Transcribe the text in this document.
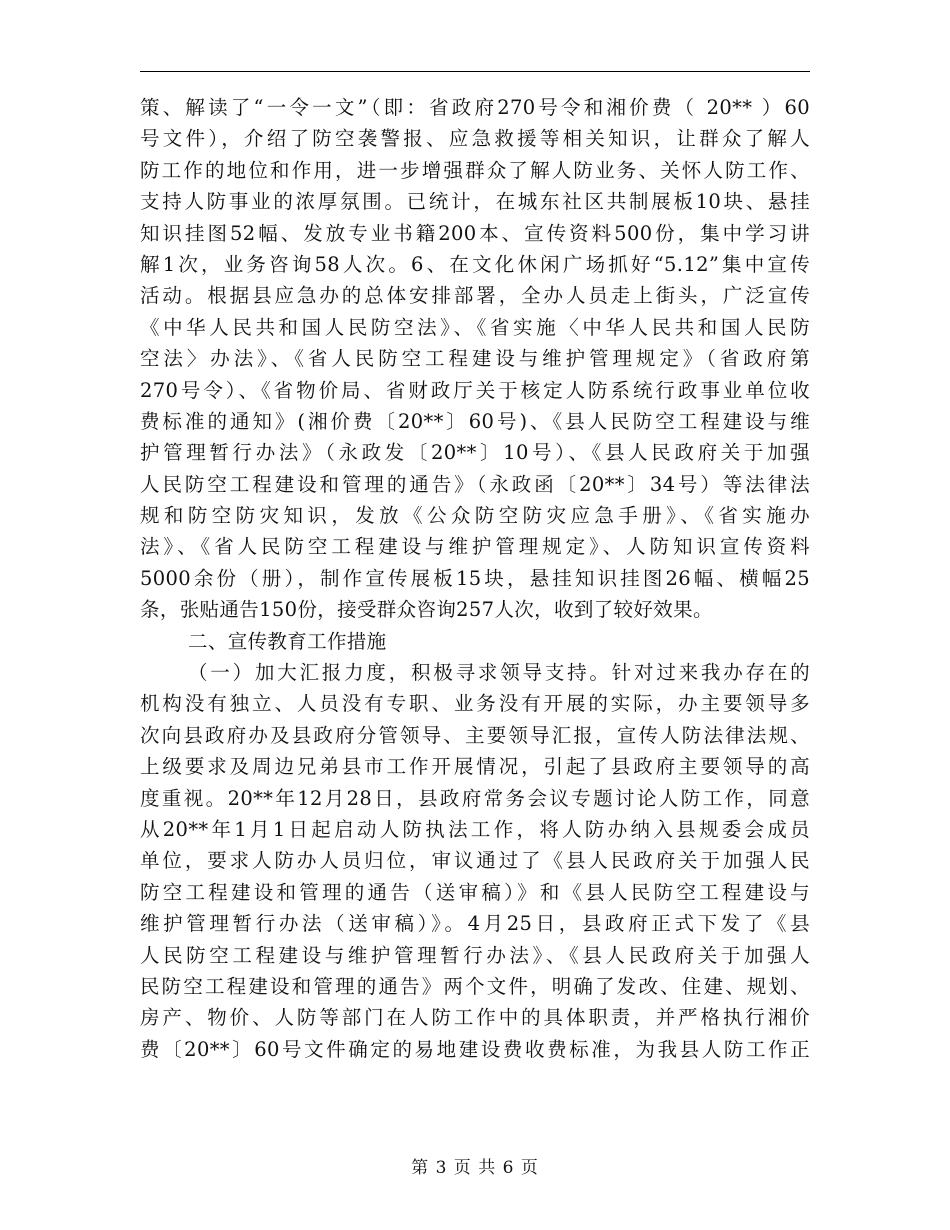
策、解读了“一令一文”（即：省政府270号令和湘价费（ 20** ）60
号文件），介绍了防空袭警报、应急救援等相关知识，让群众了解人
防工作的地位和作用，进一步增强群众了解人防业务、关怀人防工作、
支持人防事业的浓厚氛围。已统计，在城东社区共制展板10块、悬挂
知识挂图52幅、发放专业书籍200本、宣传资料500份，集中学习讲
解1次，业务咨询58人次。6、在文化休闲广场抓好“5.12”集中宣传
活动。根据县应急办的总体安排部署，全办人员走上街头，广泛宣传
《中华人民共和国人民防空法》、《省实施〈中华人民共和国人民防
空法〉办法》、《省人民防空工程建设与维护管理规定》（省政府第
270号令）、《省物价局、省财政厅关于核定人防系统行政事业单位收
费标准的通知》(湘价费〔20**〕60号)、《县人民防空工程建设与维
护管理暂行办法》（永政发〔20**〕10号）、《县人民政府关于加强
人民防空工程建设和管理的通告》（永政函〔20**〕34号）等法律法
规和防空防灾知识，发放《公众防空防灾应急手册》、《省实施办
法》、《省人民防空工程建设与维护管理规定》、人防知识宣传资料
5000余份（册），制作宣传展板15块，悬挂知识挂图26幅、横幅25
条，张贴通告150份，接受群众咨询257人次，收到了较好效果。
二、宣传教育工作措施
（一）加大汇报力度，积极寻求领导支持。针对过来我办存在的
机构没有独立、人员没有专职、业务没有开展的实际，办主要领导多
次向县政府办及县政府分管领导、主要领导汇报，宣传人防法律法规、
上级要求及周边兄弟县市工作开展情况，引起了县政府主要领导的高
度重视。20**年12月28日，县政府常务会议专题讨论人防工作，同意
从20**年1月1日起启动人防执法工作，将人防办纳入县规委会成员
单位，要求人防办人员归位，审议通过了《县人民政府关于加强人民
防空工程建设和管理的通告（送审稿）》和《县人民防空工程建设与
维护管理暂行办法（送审稿）》。4月25日，县政府正式下发了《县
人民防空工程建设与维护管理暂行办法》、《县人民政府关于加强人
民防空工程建设和管理的通告》两个文件，明确了发改、住建、规划、
房产、物价、人防等部门在人防工作中的具体职责，并严格执行湘价
费〔20**〕60号文件确定的易地建设费收费标准，为我县人防工作正
第 3 页 共 6 页
